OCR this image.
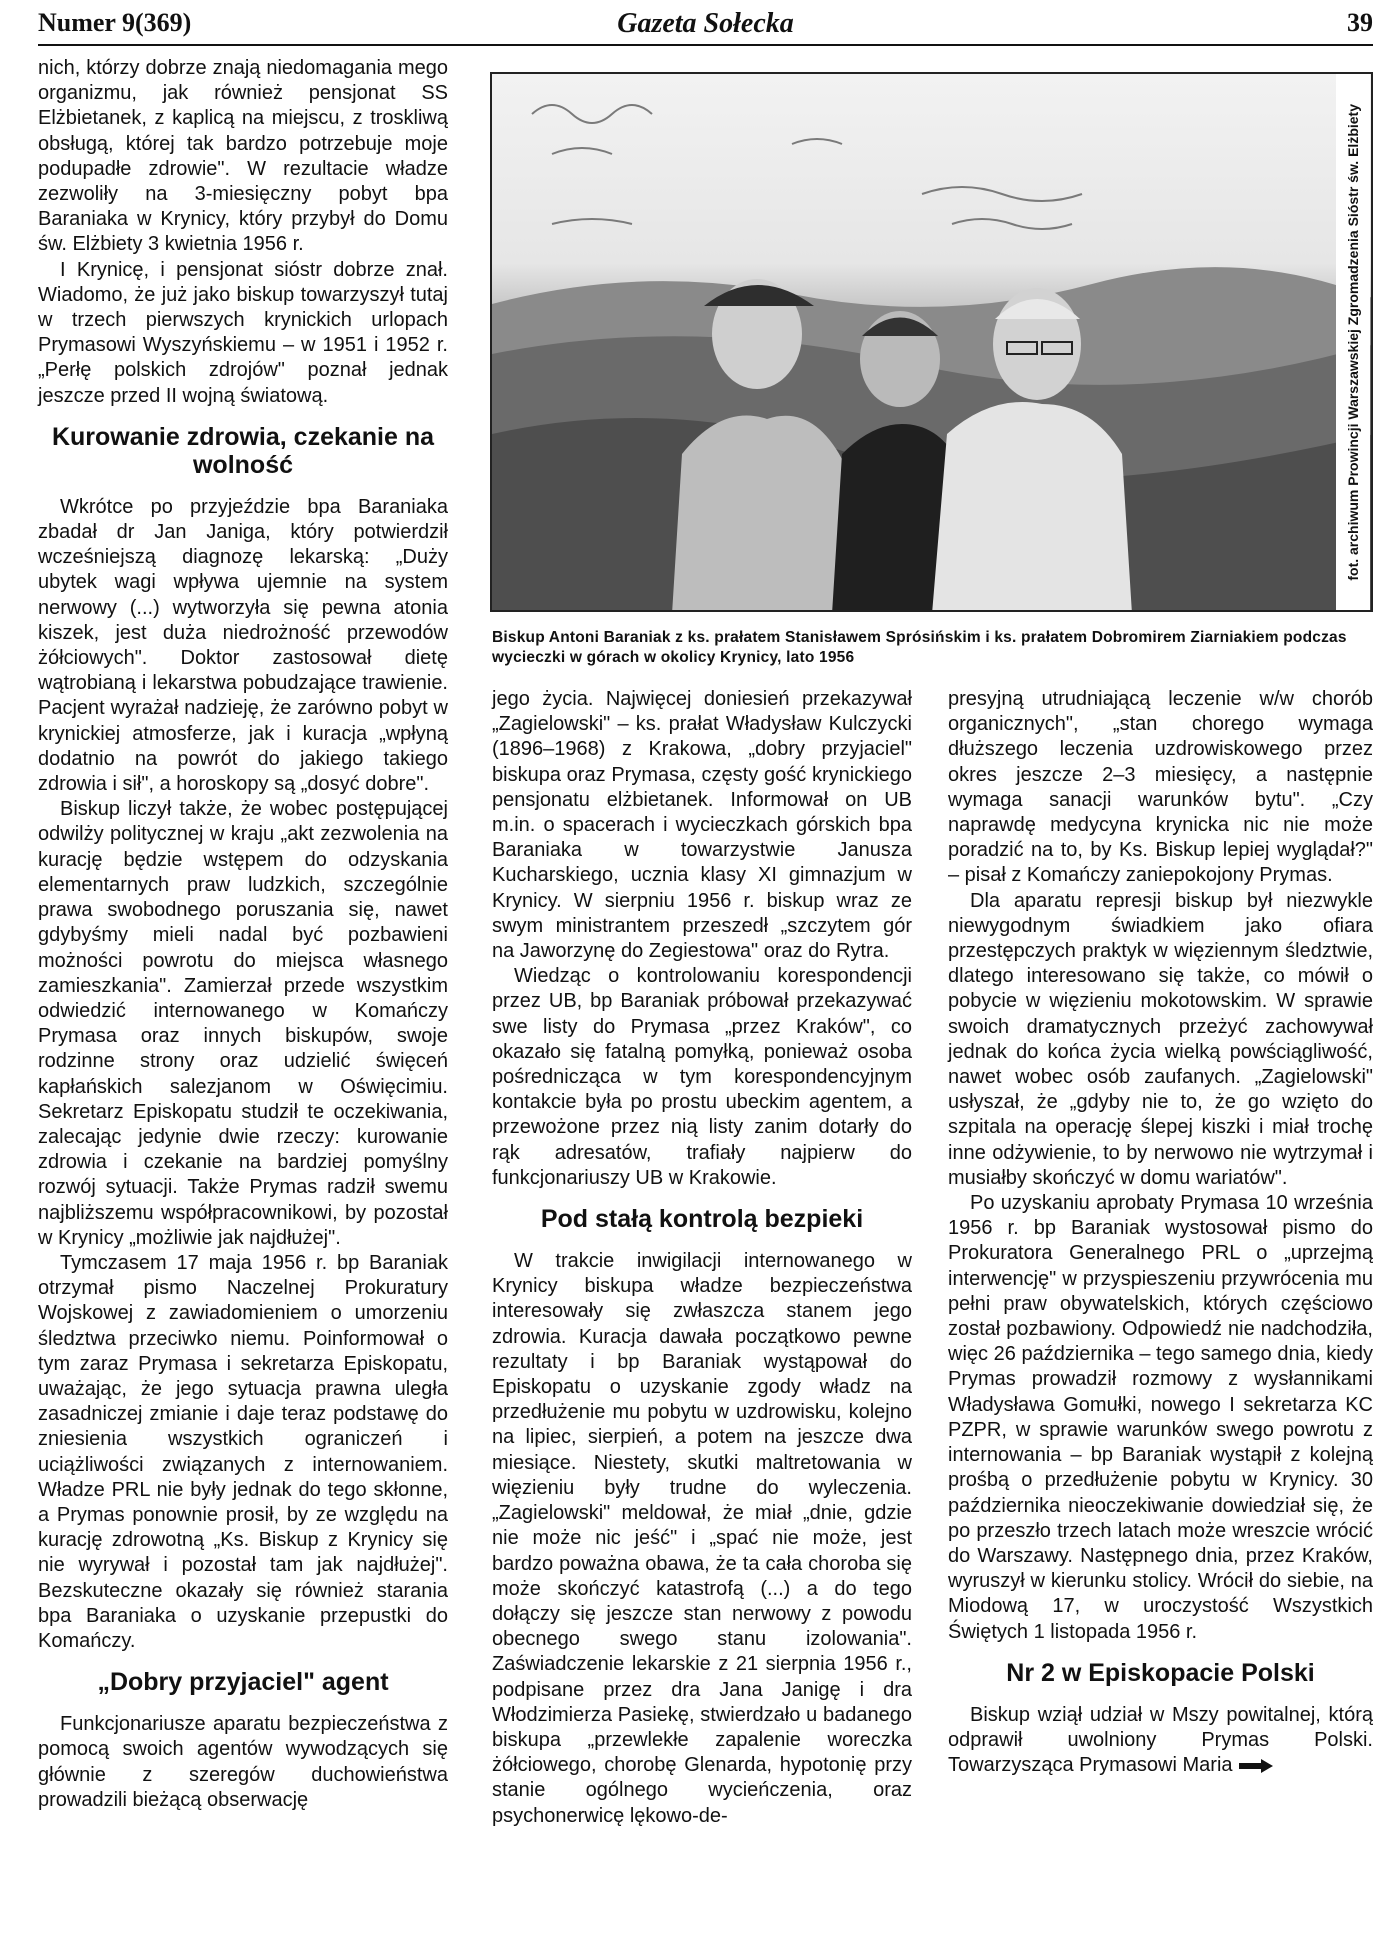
Numer 9(369)	Gazeta Sołecka	39

nich, którzy dobrze znają niedomagania mego organizmu, jak również pensjonat SS Elżbietanek, z kaplicą na miejscu, z troskliwą obsługą, której tak bardzo potrzebuje moje podupadłe zdrowie". W rezultacie władze zezwoliły na 3-miesięczny pobyt bpa Baraniaka w Krynicy, który przybył do Domu św. Elżbiety 3 kwietnia 1956 r.

I Krynicę, i pensjonat sióstr dobrze znał. Wiadomo, że już jako biskup towarzyszył tutaj w trzech pierwszych krynickich urlopach Prymasowi Wyszyńskiemu – w 1951 i 1952 r. „Perłę polskich zdrojów" poznał jednak jeszcze przed II wojną światową.

Kurowanie zdrowia, czekanie na wolność

Wkrótce po przyjeździe bpa Baraniaka zbadał dr Jan Janiga, który potwierdził wcześniejszą diagnozę lekarską: „Duży ubytek wagi wpływa ujemnie na system nerwowy (...) wytworzyła się pewna atonia kiszek, jest duża niedrożność przewodów żółciowych". Doktor zastosował dietę wątrobianą i lekarstwa pobudzające trawienie. Pacjent wyrażał nadzieję, że zarówno pobyt w krynickiej atmosferze, jak i kuracja „wpłyną dodatnio na powrót do jakiego takiego zdrowia i sił", a horoskopy są „dosyć dobre".

Biskup liczył także, że wobec postępującej odwilży politycznej w kraju „akt zezwolenia na kurację będzie wstępem do odzyskania elementarnych praw ludzkich, szczególnie prawa swobodnego poruszania się, nawet gdybyśmy mieli nadal być pozbawieni możności powrotu do miejsca własnego zamieszkania". Zamierzał przede wszystkim odwiedzić internowanego w Komańczy Prymasa oraz innych biskupów, swoje rodzinne strony oraz udzielić święceń kapłańskich salezjanom w Oświęcimiu. Sekretarz Episkopatu studził te oczekiwania, zalecając jedynie dwie rzeczy: kurowanie zdrowia i czekanie na bardziej pomyślny rozwój sytuacji. Także Prymas radził swemu najbliższemu współpracownikowi, by pozostał w Krynicy „możliwie jak najdłużej".

Tymczasem 17 maja 1956 r. bp Baraniak otrzymał pismo Naczelnej Prokuratury Wojskowej z zawiadomieniem o umorzeniu śledztwa przeciwko niemu. Poinformował o tym zaraz Prymasa i sekretarza Episkopatu, uważając, że jego sytuacja prawna uległa zasadniczej zmianie i daje teraz podstawę do zniesienia wszystkich ograniczeń i uciążliwości związanych z internowaniem. Władze PRL nie były jednak do tego skłonne, a Prymas ponownie prosił, by ze względu na kurację zdrowotną „Ks. Biskup z Krynicy się nie wyrywał i pozostał tam jak najdłużej". Bezskuteczne okazały się również starania bpa Baraniaka o uzyskanie przepustki do Komańczy.

„Dobry przyjaciel" agent

Funkcjonariusze aparatu bezpieczeństwa z pomocą swoich agentów wywodzących się głównie z szeregów duchowieństwa prowadzili bieżącą obserwację

fot. archiwum Prowincji Warszawskiej Zgromadzenia Sióstr św. Elżbiety
Biskup Antoni Baraniak z ks. prałatem Stanisławem Sprósińskim i ks. prałatem Dobromirem Ziarniakiem podczas wycieczki w górach w okolicy Krynicy, lato 1956

jego życia. Najwięcej doniesień przekazywał „Zagielowski" – ks. prałat Władysław Kulczycki (1896–1968) z Krakowa, „dobry przyjaciel" biskupa oraz Prymasa, częsty gość krynickiego pensjonatu elżbietanek. Informował on UB m.in. o spacerach i wycieczkach górskich bpa Baraniaka w towarzystwie Janusza Kucharskiego, ucznia klasy XI gimnazjum w Krynicy. W sierpniu 1956 r. biskup wraz ze swym ministrantem przeszedł „szczytem gór na Jaworzynę do Zegiestowa" oraz do Rytra.

Wiedząc o kontrolowaniu korespondencji przez UB, bp Baraniak próbował przekazywać swe listy do Prymasa „przez Kraków", co okazało się fatalną pomyłką, ponieważ osoba pośrednicząca w tym korespondencyjnym kontakcie była po prostu ubeckim agentem, a przewożone przez nią listy zanim dotarły do rąk adresatów, trafiały najpierw do funkcjonariuszy UB w Krakowie.

Pod stałą kontrolą bezpieki

W trakcie inwigilacji internowanego w Krynicy biskupa władze bezpieczeństwa interesowały się zwłaszcza stanem jego zdrowia. Kuracja dawała początkowo pewne rezultaty i bp Baraniak wystąpował do Episkopatu o uzyskanie zgody władz na przedłużenie mu pobytu w uzdrowisku, kolejno na lipiec, sierpień, a potem na jeszcze dwa miesiące. Niestety, skutki maltretowania w więzieniu były trudne do wyleczenia. „Zagielowski" meldował, że miał „dnie, gdzie nie może nic jeść" i „spać nie może, jest bardzo poważna obawa, że ta cała choroba się może skończyć katastrofą (...) a do tego dołączy się jeszcze stan nerwowy z powodu obecnego swego stanu izolowania". Zaświadczenie lekarskie z 21 sierpnia 1956 r., podpisane przez dra Jana Janigę i dra Włodzimierza Pasiekę, stwierdzało u badanego biskupa „przewlekłe zapalenie woreczka żółciowego, chorobę Glenarda, hypotonię przy stanie ogólnego wycieńczenia, oraz psychonerwicę lękowo-de-

presyjną utrudniającą leczenie w/w chorób organicznych", „stan chorego wymaga dłuższego leczenia uzdrowiskowego przez okres jeszcze 2–3 miesięcy, a następnie wymaga sanacji warunków bytu". „Czy naprawdę medycyna krynicka nic nie może poradzić na to, by Ks. Biskup lepiej wyglądał?" – pisał z Komańczy zaniepokojony Prymas.

Dla aparatu represji biskup był niezwykle niewygodnym świadkiem jako ofiara przestępczych praktyk w więziennym śledztwie, dlatego interesowano się także, co mówił o pobycie w więzieniu mokotowskim. W sprawie swoich dramatycznych przeżyć zachowywał jednak do końca życia wielką powściągliwość, nawet wobec osób zaufanych. „Zagielowski" usłyszał, że „gdyby nie to, że go wzięto do szpitala na operację ślepej kiszki i miał trochę inne odżywienie, to by nerwowo nie wytrzymał i musiałby skończyć w domu wariatów".

Po uzyskaniu aprobaty Prymasa 10 września 1956 r. bp Baraniak wystosował pismo do Prokuratora Generalnego PRL o „uprzejmą interwencję" w przyspieszeniu przywrócenia mu pełni praw obywatelskich, których częściowo został pozbawiony. Odpowiedź nie nadchodziła, więc 26 października – tego samego dnia, kiedy Prymas prowadził rozmowy z wysłannikami Władysława Gomułki, nowego I sekretarza KC PZPR, w sprawie warunków swego powrotu z internowania – bp Baraniak wystąpił z kolejną prośbą o przedłużenie pobytu w Krynicy. 30 października nieoczekiwanie dowiedział się, że po przeszło trzech latach może wreszcie wrócić do Warszawy. Następnego dnia, przez Kraków, wyruszył w kierunku stolicy. Wrócił do siebie, na Miodową 17, w uroczystość Wszystkich Świętych 1 listopada 1956 r.

Nr 2 w Episkopacie Polski

Biskup wziął udział w Mszy powitalnej, którą odprawił uwolniony Prymas Polski. Towarzysząca Prymasowi Maria
